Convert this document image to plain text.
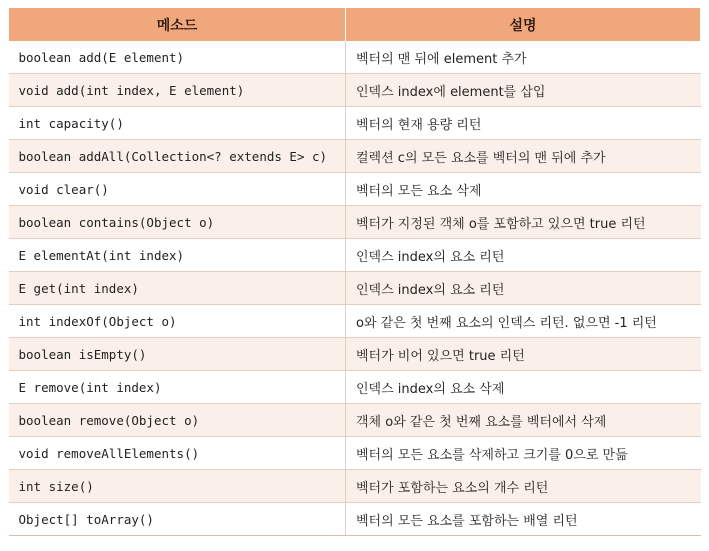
메소드	설명
boolean add(E element)	벡터의 맨 뒤에 element 추가
void add(int index, E element)	인덱스 index에 element를 삽입
int capacity()	벡터의 현재 용량 리턴
boolean addAll(Collection<? extends E> c)	컬렉션 c의 모든 요소를 벡터의 맨 뒤에 추가
void clear()	벡터의 모든 요소 삭제
boolean contains(Object o)	벡터가 지정된 객체 o를 포함하고 있으면 true 리턴
E elementAt(int index)	인덱스 index의 요소 리턴
E get(int index)	인덱스 index의 요소 리턴
int indexOf(Object o)	o와 같은 첫 번째 요소의 인덱스 리턴. 없으면 -1 리턴
boolean isEmpty()	벡터가 비어 있으면 true 리턴
E remove(int index)	인덱스 index의 요소 삭제
boolean remove(Object o)	객체 o와 같은 첫 번째 요소를 벡터에서 삭제
void removeAllElements()	벡터의 모든 요소를 삭제하고 크기를 0으로 만듦
int size()	벡터가 포함하는 요소의 개수 리턴
Object[] toArray()	벡터의 모든 요소를 포함하는 배열 리턴
